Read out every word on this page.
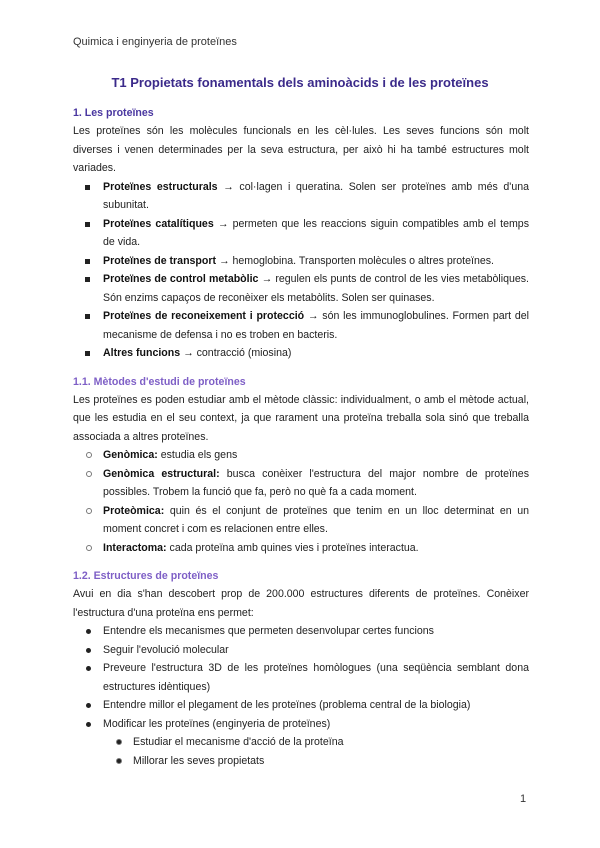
Quimica i enginyeria de proteïnes
T1 Propietats fonamentals dels aminoàcids i de les proteïnes
1. Les proteïnes

Les proteïnes són les molècules funcionals en les cèl·lules. Les seves funcions són molt diverses i venen determinades per la seva estructura, per això hi ha també estructures molt variades.

Proteïnes estructurals → col·lagen i queratina. Solen ser proteïnes amb més d'una subunitat.
Proteïnes catalítiques → permeten que les reaccions siguin compatibles amb el temps de vida.
Proteïnes de transport → hemoglobina. Transporten molècules o altres proteïnes.
Proteïnes de control metabòlic → regulen els punts de control de les vies metabòliques. Són enzims capaços de reconèixer els metabòlits. Solen ser quinases.
Proteïnes de reconeixement i protecció → són les immunoglobulines. Formen part del mecanisme de defensa i no es troben en bacteris.
Altres funcions → contracció (miosina)
1.1. Mètodes d'estudi de proteïnes

Les proteïnes es poden estudiar amb el mètode clàssic: individualment, o amb el mètode actual, que les estudia en el seu context, ja que rarament una proteïna treballa sola sinó que treballa associada a altres proteïnes.

Genòmica: estudia els gens
Genòmica estructural: busca conèixer l'estructura del major nombre de proteïnes possibles. Trobem la funció que fa, però no què fa a cada moment.
Proteòmica: quin és el conjunt de proteïnes que tenim en un lloc determinat en un moment concret i com es relacionen entre elles.
Interactoma: cada proteïna amb quines vies i proteïnes interactua.
1.2. Estructures de proteïnes

Avui en dia s'han descobert prop de 200.000 estructures diferents de proteïnes. Conèixer l'estructura d'una proteïna ens permet:

Entendre els mecanismes que permeten desenvolupar certes funcions
Seguir l'evolució molecular
Preveure l'estructura 3D de les proteïnes homòlogues (una seqüència semblant dona estructures idèntiques)
Entendre millor el plegament de les proteïnes (problema central de la biologia)
Modificar les proteïnes (enginyeria de proteïnes)
Estudiar el mecanisme d'acció de la proteïna
Millorar les seves propietats
1
